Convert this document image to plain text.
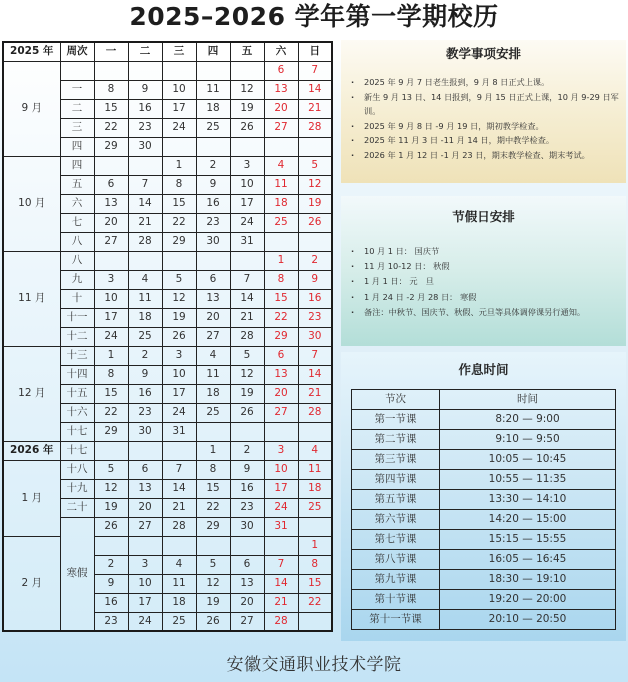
2025–2026 学年第一学期校历
2025 年	周次	一	二	三	四	五	六	日
9 月							6	7
	一	8	9	10	11	12	13	14
	二	15	16	17	18	19	20	21
	三	22	23	24	25	26	27	28
	四	29	30					
10 月	四			1	2	3	4	5
	五	6	7	8	9	10	11	12
	六	13	14	15	16	17	18	19
	七	20	21	22	23	24	25	26
	八	27	28	29	30	31		
11 月	八						1	2
	九	3	4	5	6	7	8	9
	十	10	11	12	13	14	15	16
	十一	17	18	19	20	21	22	23
	十二	24	25	26	27	28	29	30
12 月	十三	1	2	3	4	5	6	7
	十四	8	9	10	11	12	13	14
	十五	15	16	17	18	19	20	21
	十六	22	23	24	25	26	27	28
	十七	29	30	31				
2026 年	十七				1	2	3	4
1 月	十八	5	6	7	8	9	10	11
	十九	12	13	14	15	16	17	18
	二十	19	20	21	22	23	24	25
	寒假	26	27	28	29	30	31	
2 月								1
		2	3	4	5	6	7	8
		9	10	11	12	13	14	15
		16	17	18	19	20	21	22
		23	24	25	26	27	28	
教学事项安排
· 2025 年 9 月 7 日老生报到，9 月 8 日正式上课。
· 新生 9 月 13 日、14 日报到，9 月 15 日正式上课，10 月 9-29 日军训。
· 2025 年 9 月 8 日 -9 月 19 日，期初教学检查。
· 2025 年 11 月 3 日 -11 月 14 日，期中教学检查。
· 2026 年 1 月 12 日 -1 月 23 日，期末教学检查、期末考试。
节假日安排
· 10 月 1 日： 国庆节
· 11 月 10-12 日： 秋假
· 1 月 1 日： 元　旦
· 1 月 24 日 -2 月 28 日： 寒假
· 备注：中秋节、国庆节、秋假、元旦等具体调停课另行通知。
作息时间
节次	时间
第一节课	8:20 — 9:00
第二节课	9:10 — 9:50
第三节课	10:05 — 10:45
第四节课	10:55 — 11:35
第五节课	13:30 — 14:10
第六节课	14:20 — 15:00
第七节课	15:15 — 15:55
第八节课	16:05 — 16:45
第九节课	18:30 — 19:10
第十节课	19:20 — 20:00
第十一节课	20:10 — 20:50
安徽交通职业技术学院
